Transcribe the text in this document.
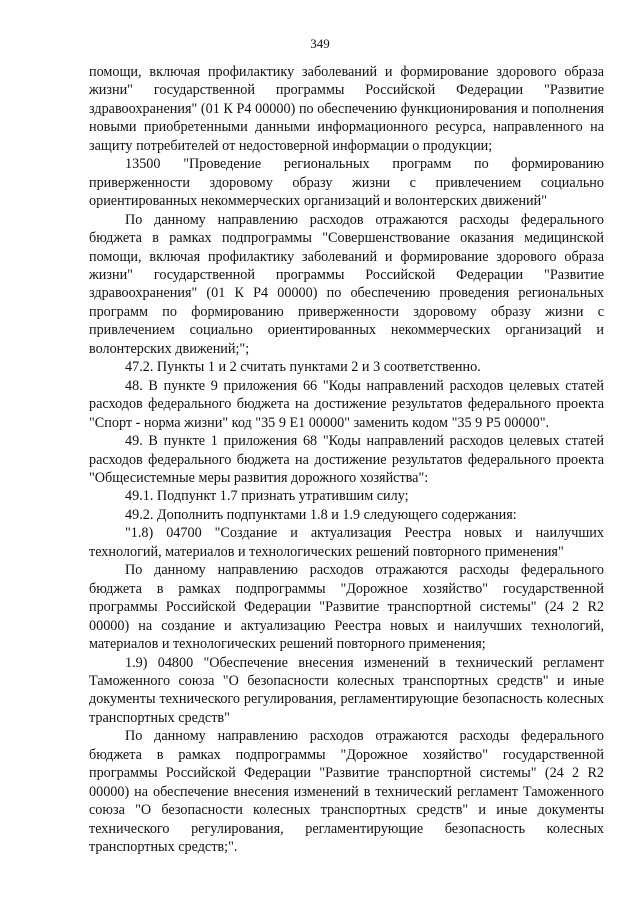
349

помощи, включая профилактику заболеваний и формирование здорового образа жизни" государственной программы Российской Федерации "Развитие здравоохранения" (01 К Р4 00000) по обеспечению функционирования и пополнения новыми приобретенными данными информационного ресурса, направленного на защиту потребителей от недостоверной информации о продукции;

13500 "Проведение региональных программ по формированию приверженности здоровому образу жизни с привлечением социально ориентированных некоммерческих организаций и волонтерских движений"

По данному направлению расходов отражаются расходы федерального бюджета в рамках подпрограммы "Совершенствование оказания медицинской помощи, включая профилактику заболеваний и формирование здорового образа жизни" государственной программы Российской Федерации "Развитие здравоохранения" (01 К Р4 00000) по обеспечению проведения региональных программ по формированию приверженности здоровому образу жизни с привлечением социально ориентированных некоммерческих организаций и волонтерских движений;";

47.2. Пункты 1 и 2 считать пунктами 2 и 3 соответственно.

48. В пункте 9 приложения 66 "Коды направлений расходов целевых статей расходов федерального бюджета на достижение результатов федерального проекта "Спорт - норма жизни" код "35 9 Е1 00000" заменить кодом "35 9 Р5 00000".

49. В пункте 1 приложения 68 "Коды направлений расходов целевых статей расходов федерального бюджета на достижение результатов федерального проекта "Общесистемные меры развития дорожного хозяйства":

49.1. Подпункт 1.7 признать утратившим силу;

49.2. Дополнить подпунктами 1.8 и 1.9 следующего содержания:

"1.8) 04700 "Создание и актуализация Реестра новых и наилучших технологий, материалов и технологических решений повторного применения"

По данному направлению расходов отражаются расходы федерального бюджета в рамках подпрограммы "Дорожное хозяйство" государственной программы Российской Федерации "Развитие транспортной системы" (24 2 R2 00000) на создание и актуализацию Реестра новых и наилучших технологий, материалов и технологических решений повторного применения;

1.9) 04800 "Обеспечение внесения изменений в технический регламент Таможенного союза "О безопасности колесных транспортных средств" и иные документы технического регулирования, регламентирующие безопасность колесных транспортных средств"

По данному направлению расходов отражаются расходы федерального бюджета в рамках подпрограммы "Дорожное хозяйство" государственной программы Российской Федерации "Развитие транспортной системы" (24 2 R2 00000) на обеспечение внесения изменений в технический регламент Таможенного союза "О безопасности колесных транспортных средств" и иные документы технического регулирования, регламентирующие безопасность колесных транспортных средств;".
